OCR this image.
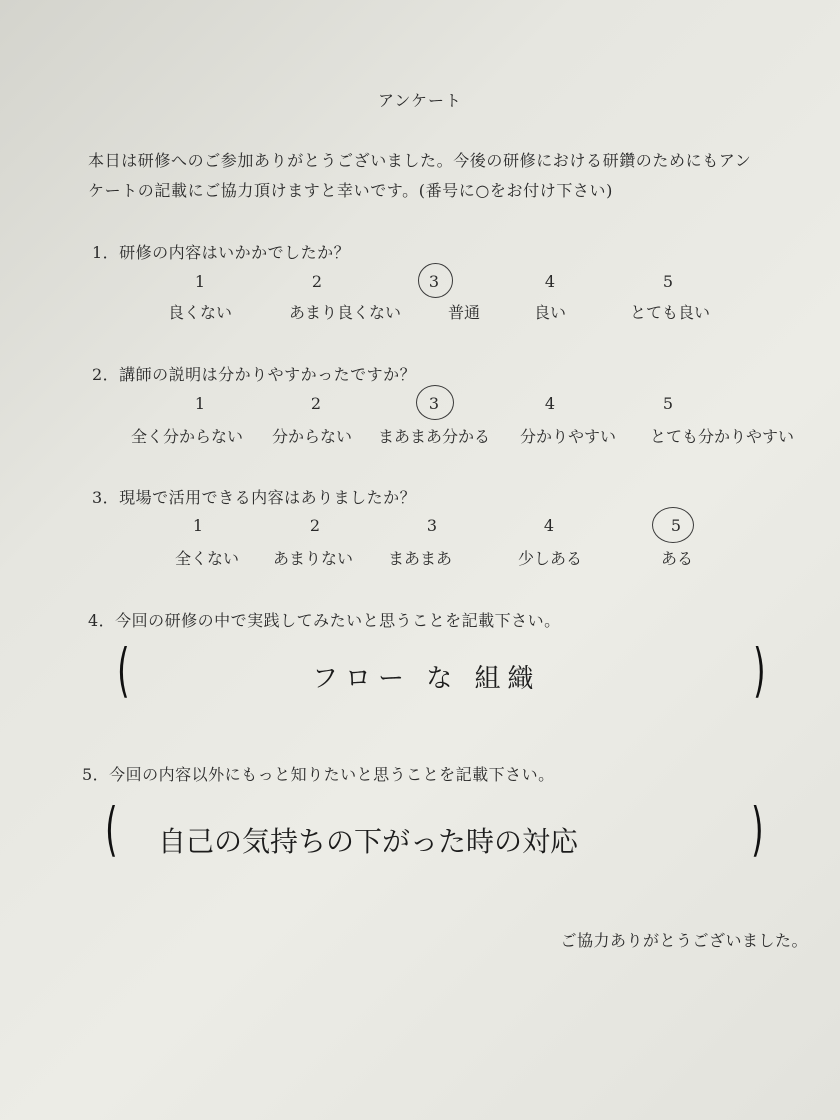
アンケート
本日は研修へのご参加ありがとうございました。今後の研修における研鑽のためにもアン
ケートの記載にご協力頂けますと幸いです。(番号に○をお付け下さい)
1．研修の内容はいかかでしたか？
1	2	3	4	5
良くない	あまり良くない	普通	良い	とても良い
2．講師の説明は分かりやすかったですか？
1	2	3	4	5
全く分からない	分からない	まあまあ分かる	分かりやすい	とても分かりやすい
3．現場で活用できる内容はありましたか？
1	2	3	4	5
全くない	あまりない	まあまあ	少しある	ある
4．今回の研修の中で実践してみたいと思うことを記載下さい。
(	フロー な 組織	)
5．今回の内容以外にもっと知りたいと思うことを記載下さい。
( 自己の気持ちの下がった時の対応	)
ご協力ありがとうございました。
